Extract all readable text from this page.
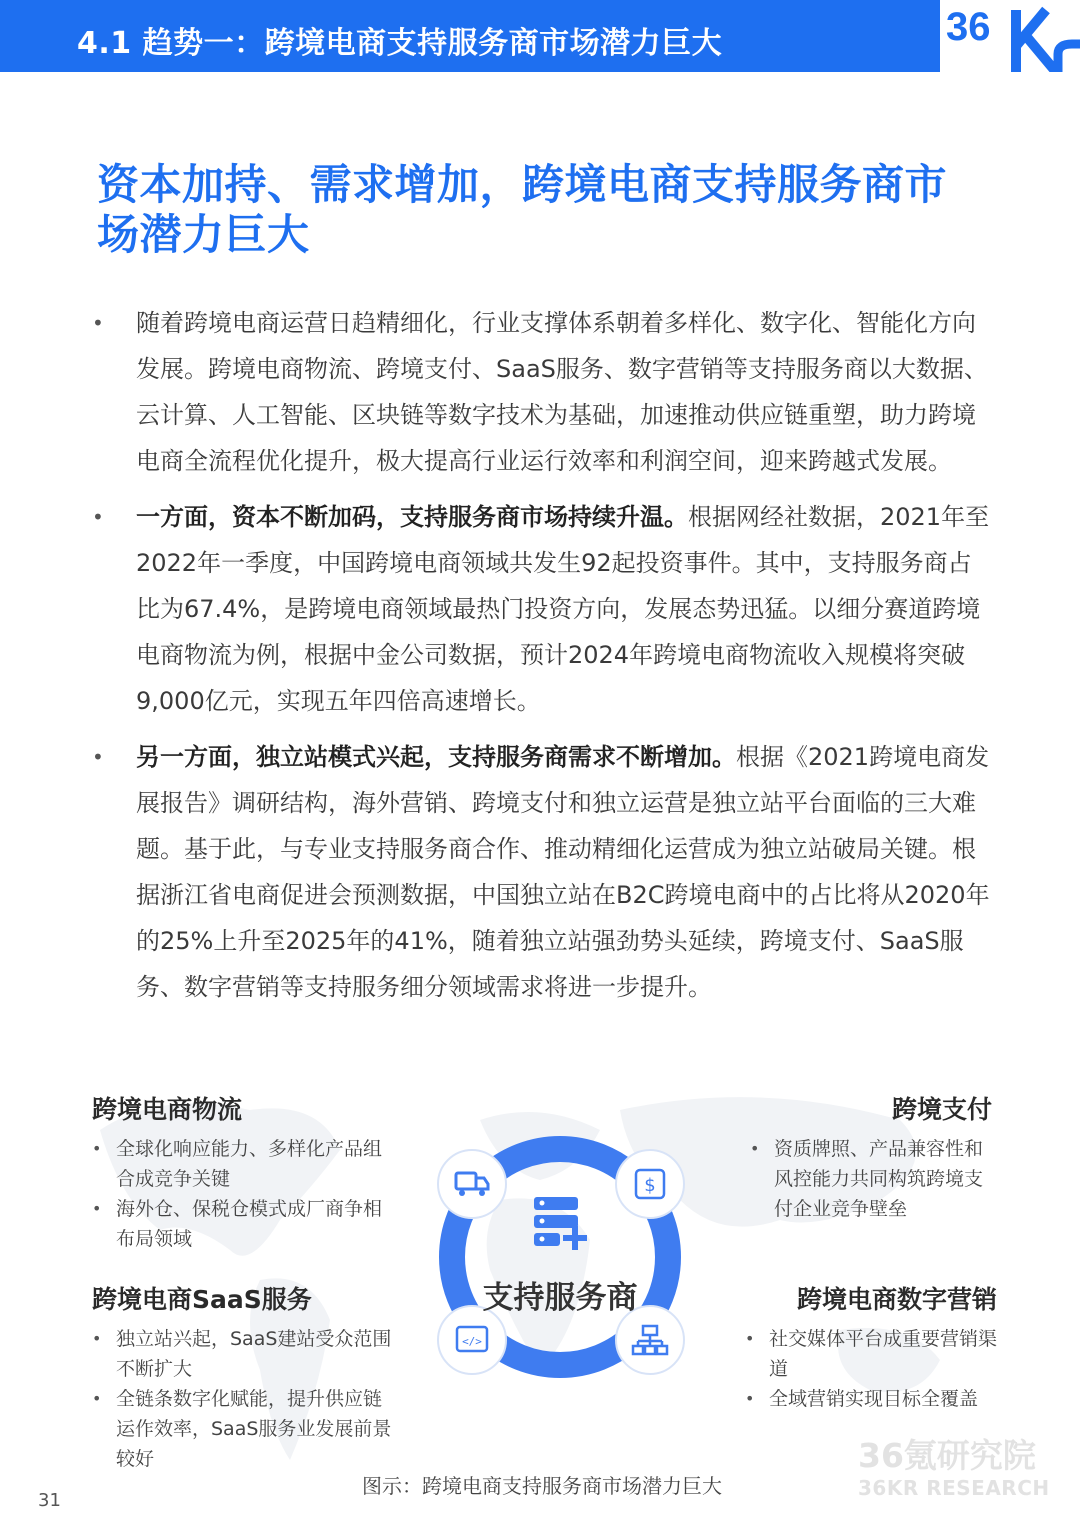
4.1 趋势一：跨境电商支持服务商市场潜力巨大	36
资本加持、需求增加，跨境电商支持服务商市
场潜力巨大
• 随着跨境电商运营日趋精细化，行业支撑体系朝着多样化、数字化、智能化方向发展。跨境电商物流、跨境支付、SaaS服务、数字营销等支持服务商以大数据、云计算、人工智能、区块链等数字技术为基础，加速推动供应链重塑，助力跨境电商全流程优化提升，极大提高行业运行效率和利润空间，迎来跨越式发展。
• 一方面，资本不断加码，支持服务商市场持续升温。根据网经社数据，2021年至2022年一季度，中国跨境电商领域共发生92起投资事件。其中，支持服务商占比为67.4%，是跨境电商领域最热门投资方向，发展态势迅猛。以细分赛道跨境电商物流为例，根据中金公司数据，预计2024年跨境电商物流收入规模将突破9,000亿元，实现五年四倍高速增长。
• 另一方面，独立站模式兴起，支持服务商需求不断增加。根据《2021跨境电商发展报告》调研结构，海外营销、跨境支付和独立运营是独立站平台面临的三大难题。基于此，与专业支持服务商合作、推动精细化运营成为独立站破局关键。根据浙江省电商促进会预测数据，中国独立站在B2C跨境电商中的占比将从2020年的25%上升至2025年的41%，随着独立站强劲势头延续，跨境支付、SaaS服务、数字营销等支持服务细分领域需求将进一步提升。
跨境电商物流
• 全球化响应能力、多样化产品组合成竞争关键
• 海外仓、保税仓模式成厂商争相布局领域
跨境支付
• 资质牌照、产品兼容性和风控能力共同构筑跨境支付企业竞争壁垒
跨境电商SaaS服务
• 独立站兴起，SaaS建站受众范围不断扩大
• 全链条数字化赋能，提升供应链运作效率，SaaS服务业发展前景较好
跨境电商数字营销
• 社交媒体平台成重要营销渠道
• 全域营销实现目标全覆盖
$
</>
支持服务商
图示：跨境电商支持服务商市场潜力巨大
31
36氪研究院
36KR RESEARCH
